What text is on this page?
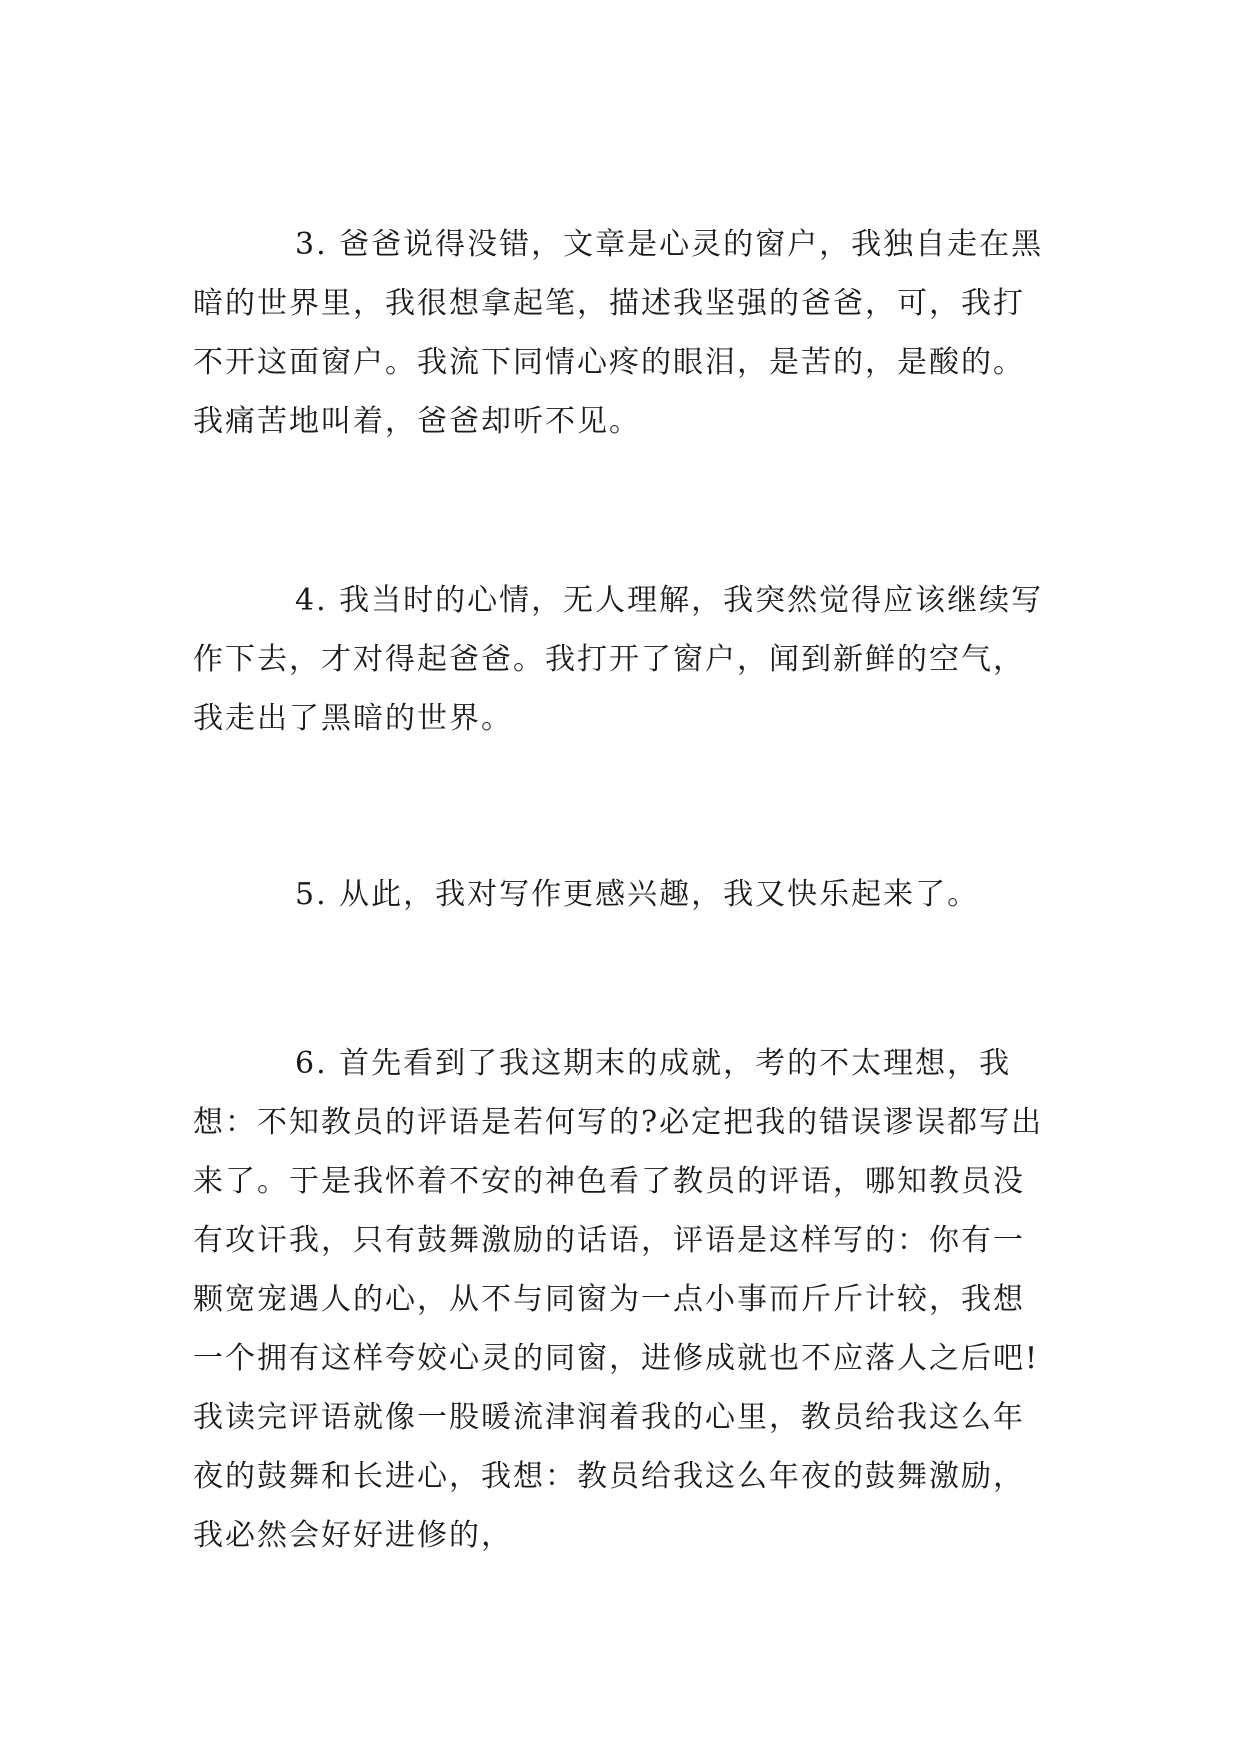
3. 爸爸说得没错，文章是心灵的窗户，我独自走在黑暗的世界里，我很想拿起笔，描述我坚强的爸爸，可，我打不开这面窗户。我流下同情心疼的眼泪，是苦的，是酸的。我痛苦地叫着，爸爸却听不见。

4. 我当时的心情，无人理解，我突然觉得应该继续写作下去，才对得起爸爸。我打开了窗户，闻到新鲜的空气，我走出了黑暗的世界。

5. 从此，我对写作更感兴趣，我又快乐起来了。

6. 首先看到了我这期末的成就，考的不太理想，我想：不知教员的评语是若何写的?必定把我的错误谬误都写出来了。于是我怀着不安的神色看了教员的评语，哪知教员没有攻讦我，只有鼓舞激励的话语，评语是这样写的：你有一颗宽宠遇人的心，从不与同窗为一点小事而斤斤计较，我想一个拥有这样夸姣心灵的同窗，进修成就也不应落人之后吧!我读完评语就像一股暖流津润着我的心里，教员给我这么年夜的鼓舞和长进心，我想：教员给我这么年夜的鼓舞激励，我必然会好好进修的，
